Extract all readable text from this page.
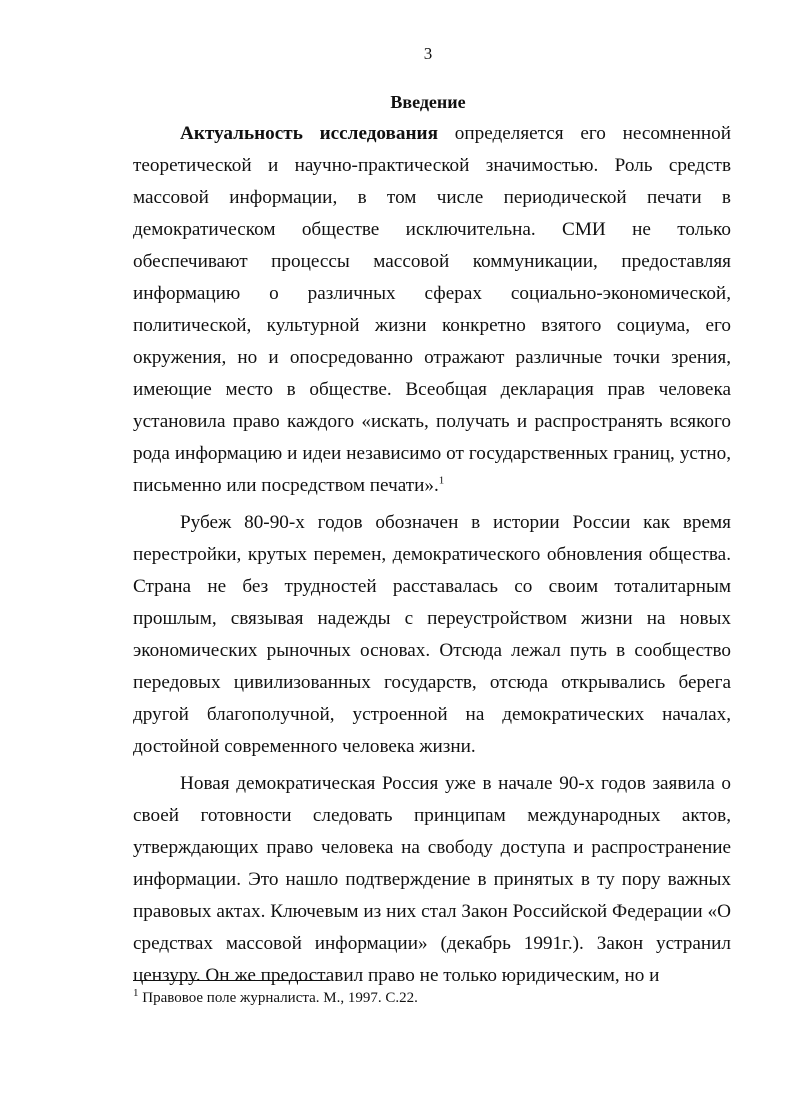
3
Введение

Актуальность исследования определяется его несомненной теоретической и научно-практической значимостью. Роль средств массовой информации, в том числе периодической печати в демократическом обществе исключительна. СМИ не только обеспечивают процессы массовой коммуникации, предоставляя информацию о различных сферах социально-экономической, политической, культурной жизни конкретно взятого социума, его окружения, но и опосредованно отражают различные точки зрения, имеющие место в обществе. Всеобщая декларация прав человека установила право каждого «искать, получать и распространять всякого рода информацию и идеи независимо от государственных границ, устно, письменно или посредством печати».$^1$

Рубеж 80-90-х годов обозначен в истории России как время перестройки, крутых перемен, демократического обновления общества. Страна не без трудностей расставалась со своим тоталитарным прошлым, связывая надежды с переустройством жизни на новых экономических рыночных основах. Отсюда лежал путь в сообщество передовых цивилизованных государств, отсюда открывались берега другой благополучной, устроенной на демократических началах, достойной современного человека жизни.

Новая демократическая Россия уже в начале 90-х годов заявила о своей готовности следовать принципам международных актов, утверждающих право человека на свободу доступа и распространение информации. Это нашло подтверждение в принятых в ту пору важных правовых актах. Ключевым из них стал Закон Российской Федерации «О средствах массовой информации» (декабрь 1991г.). Закон устранил цензуру. Он же предоставил право не только юридическим, но и

$^1$ Правовое поле журналиста. М., 1997. С.22.
